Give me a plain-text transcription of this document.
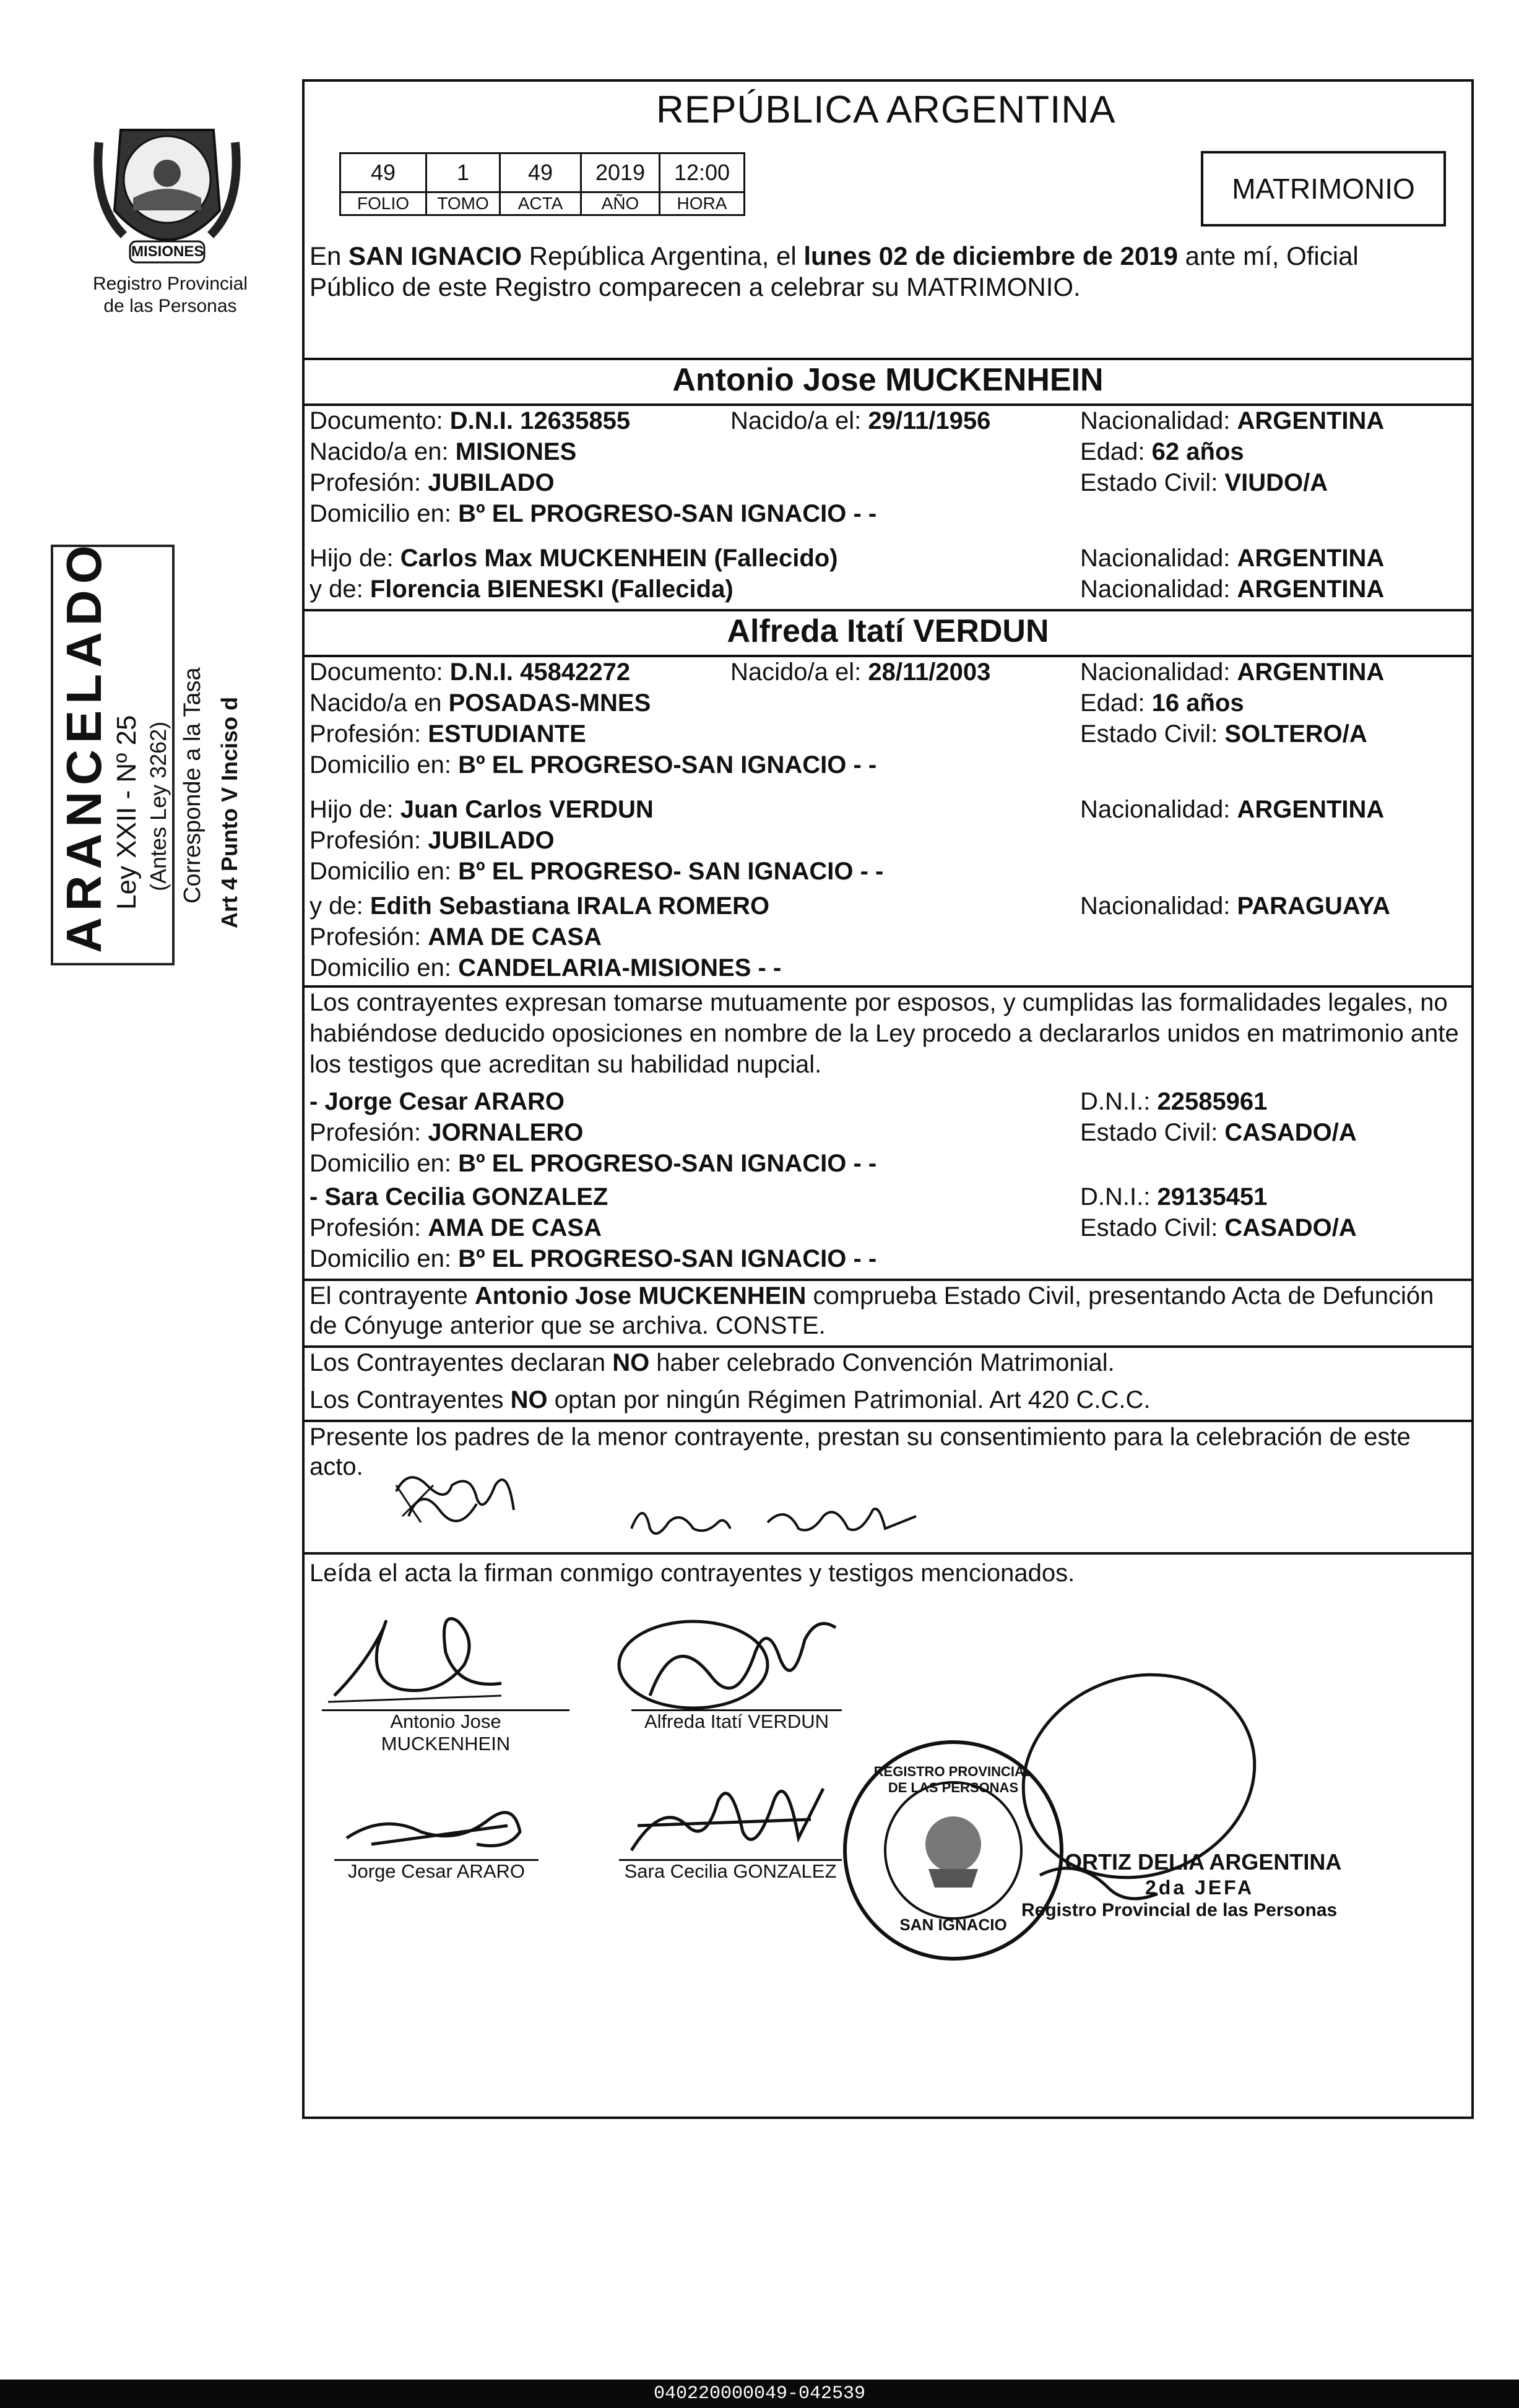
PROVINCIA DE
MISIONES
Registro Provincial
de las Personas
ARANCELADO Ley XXII - Nº 25 (Antes Ley 3262) Corresponde a la Tasa Art 4 Punto V Inciso d
REPÚBLICA ARGENTINA
49	1	49	2019	12:00
FOLIO	TOMO	ACTA	AÑO	HORA	MATRIMONIO
En SAN IGNACIO República Argentina, el lunes 02 de diciembre de 2019 ante mí, Oficial
Público de este Registro comparecen a celebrar su MATRIMONIO.
Antonio Jose MUCKENHEIN
Documento: D.N.I. 12635855	Nacido/a el: 29/11/1956	Nacionalidad: ARGENTINA
Nacido/a en: MISIONES	Edad: 62 años
Profesión: JUBILADO	Estado Civil: VIUDO/A
Domicilio en: Bº EL PROGRESO-SAN IGNACIO - -
Hijo de: Carlos Max MUCKENHEIN (Fallecido)	Nacionalidad: ARGENTINA
y de: Florencia BIENESKI (Fallecida)	Nacionalidad: ARGENTINA
Alfreda Itatí VERDUN
Documento: D.N.I. 45842272	Nacido/a el: 28/11/2003	Nacionalidad: ARGENTINA
Nacido/a en POSADAS-MNES	Edad: 16 años
Profesión: ESTUDIANTE	Estado Civil: SOLTERO/A
Domicilio en: Bº EL PROGRESO-SAN IGNACIO - -
Hijo de: Juan Carlos VERDUN	Nacionalidad: ARGENTINA
Profesión: JUBILADO
Domicilio en: Bº EL PROGRESO- SAN IGNACIO - -
y de: Edith Sebastiana IRALA ROMERO	Nacionalidad: PARAGUAYA
Profesión: AMA DE CASA
Domicilio en: CANDELARIA-MISIONES - -
Los contrayentes expresan tomarse mutuamente por esposos, y cumplidas las formalidades legales, no
habiéndose deducido oposiciones en nombre de la Ley procedo a declararlos unidos en matrimonio ante
los testigos que acreditan su habilidad nupcial.
- Jorge Cesar ARARO	D.N.I.: 22585961
Profesión: JORNALERO	Estado Civil: CASADO/A
Domicilio en: Bº EL PROGRESO-SAN IGNACIO - -
- Sara Cecilia GONZALEZ	D.N.I.: 29135451
Profesión: AMA DE CASA	Estado Civil: CASADO/A
Domicilio en: Bº EL PROGRESO-SAN IGNACIO - -
El contrayente Antonio Jose MUCKENHEIN comprueba Estado Civil, presentando Acta de Defunción
de Cónyuge anterior que se archiva. CONSTE.
Los Contrayentes declaran NO haber celebrado Convención Matrimonial.
Los Contrayentes NO optan por ningún Régimen Patrimonial. Art 420 C.C.C.
Presente los padres de la menor contrayente, prestan su consentimiento para la celebración de este
acto.
Leída el acta la firman conmigo contrayentes y testigos mencionados.
Antonio Jose
MUCKENHEIN
Alfreda Itatí VERDUN
Jorge Cesar ARARO	Sara Cecilia GONZALEZ
REGISTRO PROVINCIAL DE LAS PERSONAS
SAN IGNACIO
ORTIZ DELIA ARGENTINA
2da JEFA
Registro Provincial de las Personas
040220000049-042539
